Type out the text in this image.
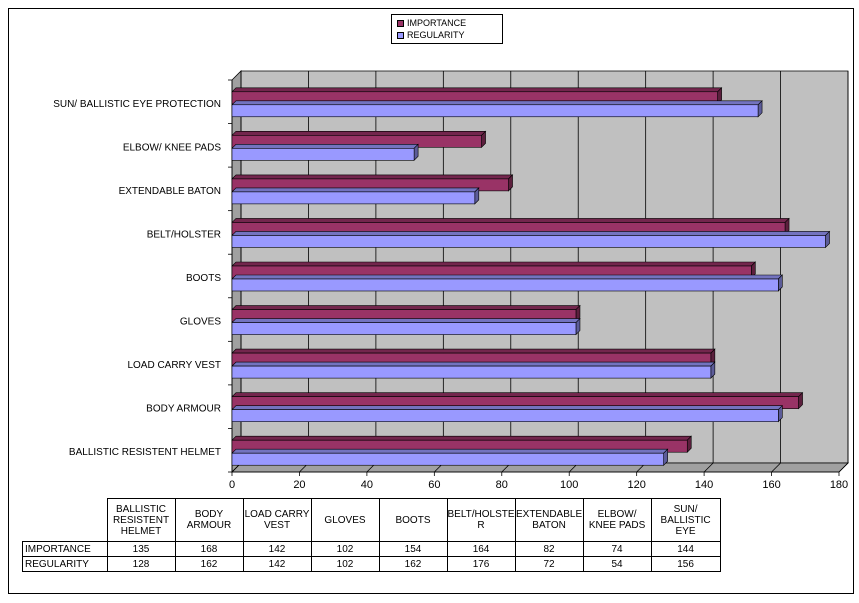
0	20	40	60	80	100	120	140	160	180
BALLISTIC RESISTENT HELMET
BODY ARMOUR
LOAD CARRY VEST
GLOVES
BOOTS
BELT/HOLSTER
EXTENDABLE BATON
ELBOW/ KNEE PADS
SUN/ BALLISTIC EYE PROTECTION
IMPORTANCE
REGULARITY
	BALLISTIC RESISTENT HELMET	BODY ARMOUR	LOAD CARRY VEST	GLOVES	BOOTS	BELT/HOLSTE R	EXTENDABLE BATON	ELBOW/ KNEE PADS	SUN/ BALLISTIC EYE
IMPORTANCE	135	168	142	102	154	164	82	74	144
REGULARITY	128	162	142	102	162	176	72	54	156
